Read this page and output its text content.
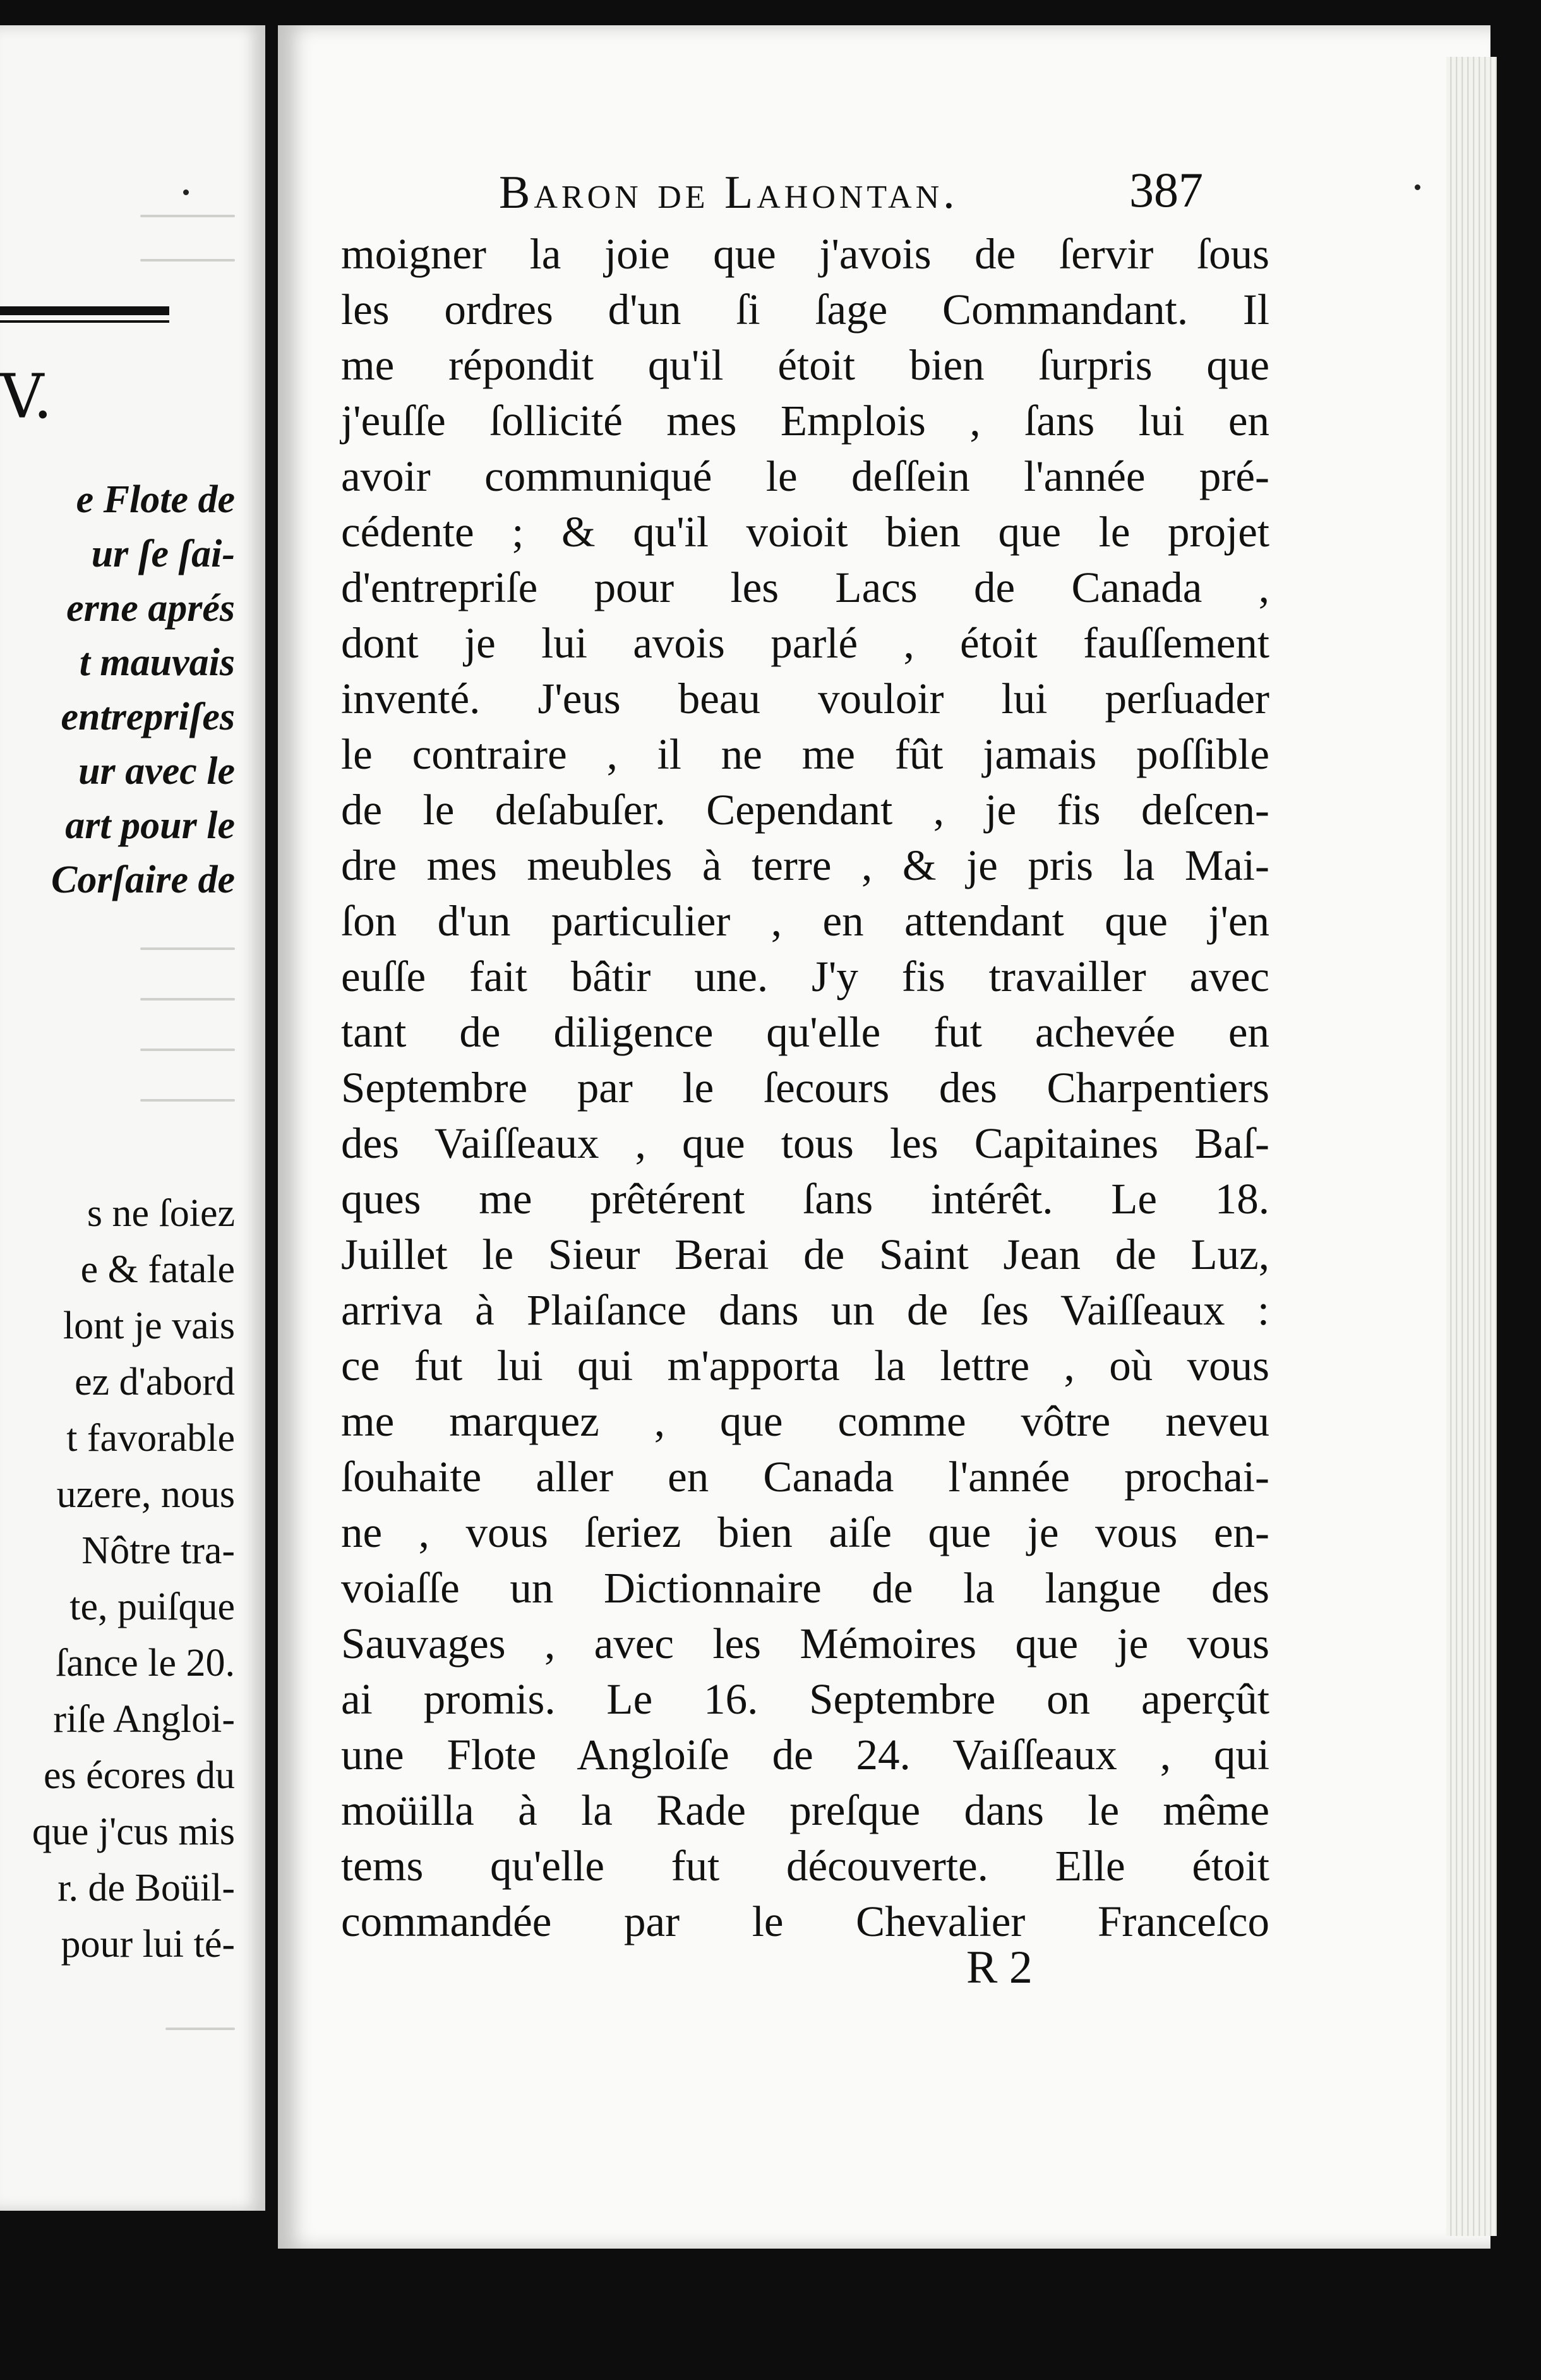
V.
e Flote de
ur ſe ſai-
erne aprés
t mauvais
entrepriſes
ur avec le
art pour le
Corſaire de
s ne ſoiez
e & fatale
lont je vais
ez d'abord
t favorable
uzere, nous
Nôtre tra-
te, puiſque
ſance le 20.
riſe Angloi-
es écores du
que j'cus mis
r. de Boüil-
pour lui té-
Baron de Lahontan.	387
moigner la joie que j'avois de ſervir ſous
les ordres d'un ſi ſage Commandant. Il
me répondit qu'il étoit bien ſurpris que
j'euſſe ſollicité mes Emplois , ſans lui en
avoir communiqué le deſſein l'année pré-
cédente ; & qu'il voioit bien que le projet
d'entrepriſe pour les Lacs de Canada ,
dont je lui avois parlé , étoit fauſſement
inventé. J'eus beau vouloir lui perſuader
le contraire , il ne me fût jamais poſſible
de le deſabuſer. Cependant , je fis deſcen-
dre mes meubles à terre , & je pris la Mai-
ſon d'un particulier , en attendant que j'en
euſſe fait bâtir une. J'y fis travailler avec
tant de diligence qu'elle fut achevée en
Septembre par le ſecours des Charpentiers
des Vaiſſeaux , que tous les Capitaines Baſ-
ques me prêtérent ſans intérêt. Le 18.
Juillet le Sieur Berai de Saint Jean de Luz,
arriva à Plaiſance dans un de ſes Vaiſſeaux :
ce fut lui qui m'apporta la lettre , où vous
me marquez , que comme vôtre neveu
ſouhaite aller en Canada l'année prochai-
ne , vous ſeriez bien aiſe que je vous en-
voiaſſe un Dictionnaire de la langue des
Sauvages , avec les Mémoires que je vous
ai promis. Le 16. Septembre on aperçût
une Flote Angloiſe de 24. Vaiſſeaux , qui
moüilla à la Rade preſque dans le même
tems qu'elle fut découverte. Elle étoit
commandée par le Chevalier Franceſco
R 2
